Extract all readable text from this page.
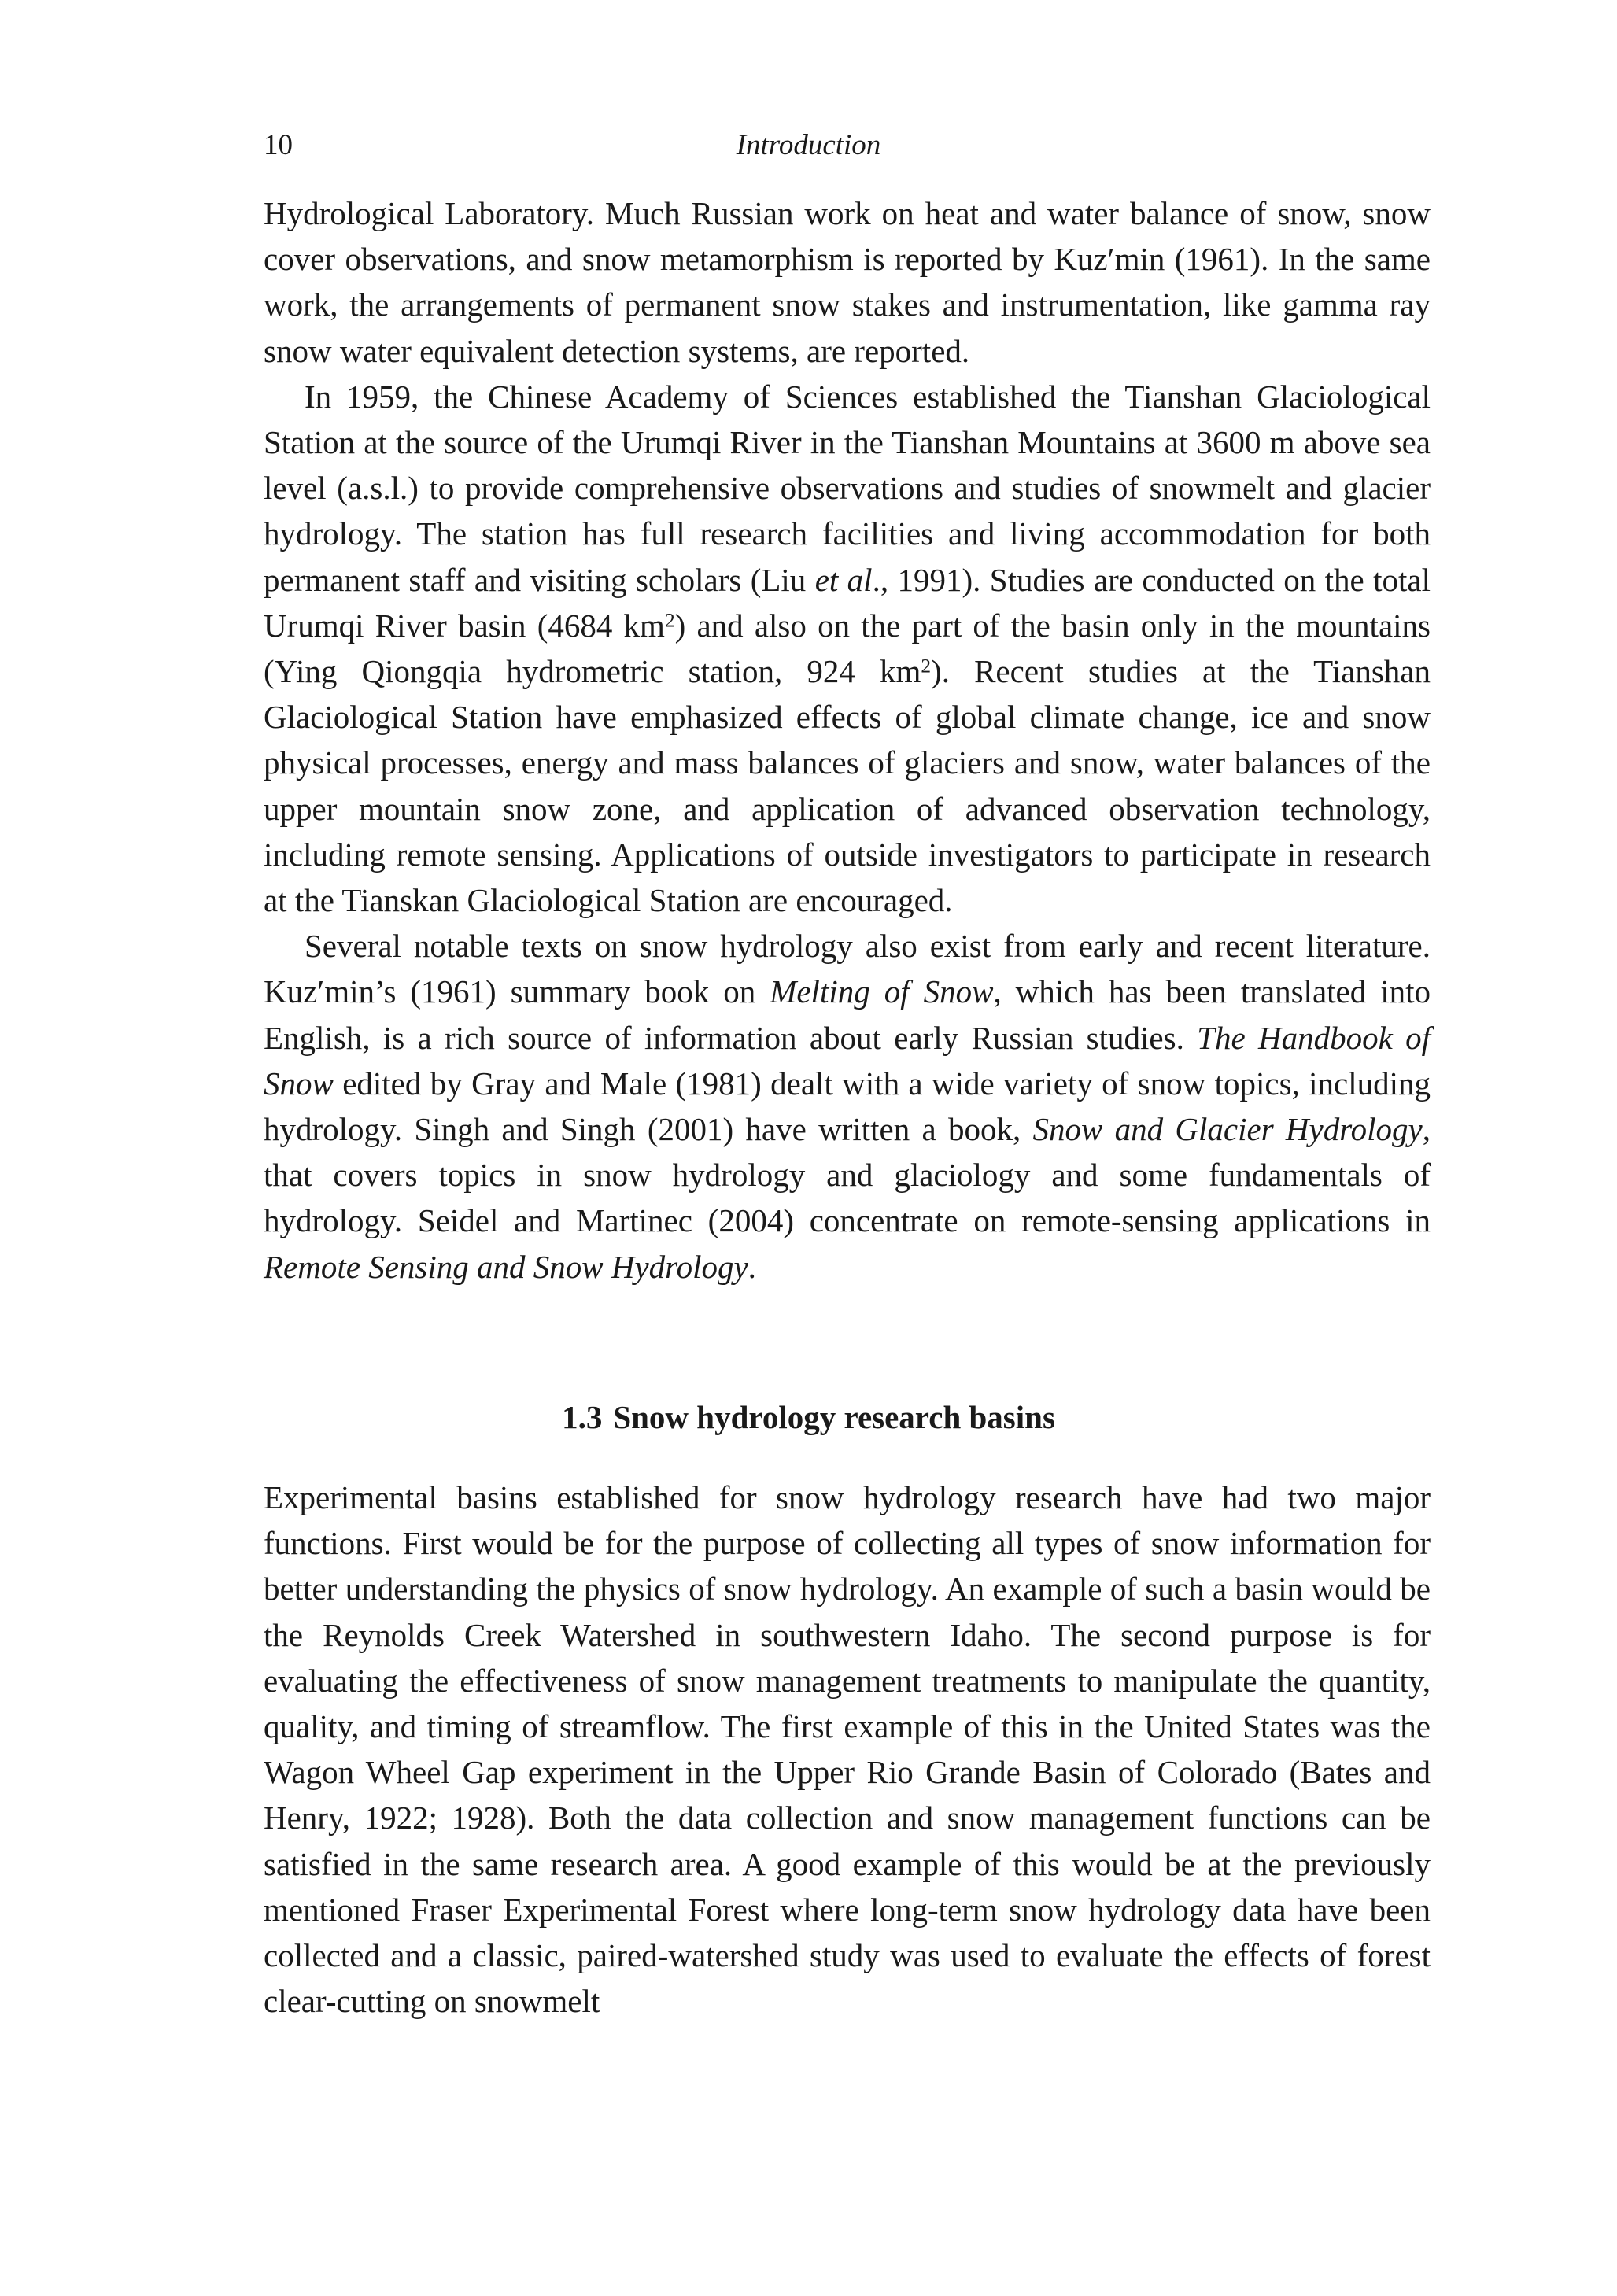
10	Introduction

Hydrological Laboratory. Much Russian work on heat and water balance of snow, snow cover observations, and snow metamorphism is reported by Kuz′min (1961). In the same work, the arrangements of permanent snow stakes and instrumentation, like gamma ray snow water equivalent detection systems, are reported.

In 1959, the Chinese Academy of Sciences established the Tianshan Glaciological Station at the source of the Urumqi River in the Tianshan Mountains at 3600 m above sea level (a.s.l.) to provide comprehensive observations and studies of snowmelt and glacier hydrology. The station has full research facilities and living accommodation for both permanent staff and visiting scholars (Liu et al., 1991). Studies are conducted on the total Urumqi River basin (4684 $km^2$) and also on the part of the basin only in the mountains (Ying Qiongqia hydrometric station, 924 $km^2$). Recent studies at the Tianshan Glaciological Station have emphasized effects of global climate change, ice and snow physical processes, energy and mass balances of glaciers and snow, water balances of the upper mountain snow zone, and application of advanced observation technology, including remote sensing. Applications of outside investigators to participate in research at the Tianskan Glaciological Station are encouraged.

Several notable texts on snow hydrology also exist from early and recent literature. Kuz′min’s (1961) summary book on Melting of Snow, which has been translated into English, is a rich source of information about early Russian studies. The Handbook of Snow edited by Gray and Male (1981) dealt with a wide variety of snow topics, including hydrology. Singh and Singh (2001) have written a book, Snow and Glacier Hydrology, that covers topics in snow hydrology and glaciology and some fundamentals of hydrology. Seidel and Martinec (2004) concentrate on remote-sensing applications in Remote Sensing and Snow Hydrology.

1.3 Snow hydrology research basins

Experimental basins established for snow hydrology research have had two major functions. First would be for the purpose of collecting all types of snow information for better understanding the physics of snow hydrology. An example of such a basin would be the Reynolds Creek Watershed in southwestern Idaho. The second purpose is for evaluating the effectiveness of snow management treatments to manipulate the quantity, quality, and timing of streamflow. The first example of this in the United States was the Wagon Wheel Gap experiment in the Upper Rio Grande Basin of Colorado (Bates and Henry, 1922; 1928). Both the data collection and snow management functions can be satisfied in the same research area. A good example of this would be at the previously mentioned Fraser Experimental Forest where long-term snow hydrology data have been collected and a classic, paired-watershed study was used to evaluate the effects of forest clear-cutting on snowmelt
